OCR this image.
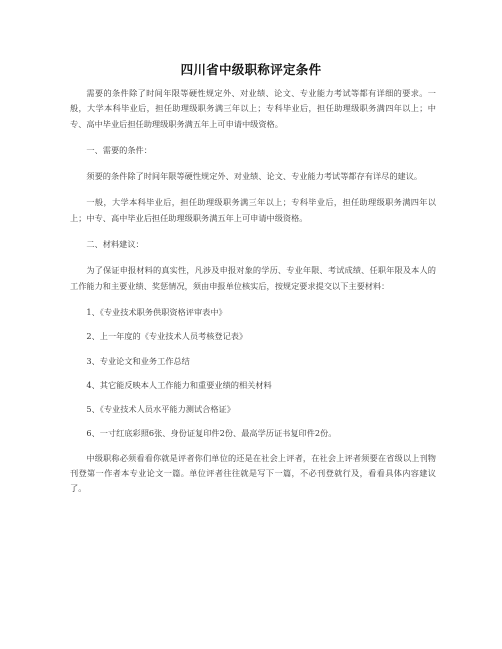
四川省中级职称评定条件

需要的条件除了时间年限等硬性规定外、对业绩、论文、专业能力考试等都有详细的要求。一般，大学本科毕业后，担任助理级职务满三年以上；专科毕业后，担任助理级职务满四年以上；中专、高中毕业后担任助理级职务满五年上可申请中级资格。

一、需要的条件：

须要的条件除了时间年限等硬性规定外、对业绩、论文、专业能力考试等都存有详尽的建议。

一般，大学本科毕业后，担任助理级职务满三年以上；专科毕业后，担任助理级职务满四年以上；中专、高中毕业后担任助理级职务满五年上可申请中级资格。

二、材料建议：

为了保证申报材料的真实性，凡涉及申报对象的学历、专业年限、考试成绩、任职年限及本人的工作能力和主要业绩、奖惩情况，须由申报单位核实后，按规定要求提交以下主要材料：

1、《专业技术职务供职资格评审表中》

2、上一年度的《专业技术人员考核登记表》

3、专业论文和业务工作总结

4、其它能反映本人工作能力和重要业绩的相关材料

5、《专业技术人员水平能力测试合格证》

6、一寸红底彩照6张、身份证复印件2份、最高学历证书复印件2份。

中级职称必须看看你就是评者你们单位的还是在社会上评者，在社会上评者须要在省级以上刊物刊登第一作者本专业论文一篇。单位评者往往就是写下一篇，不必刊登就行及，看看具体内容建议了。
